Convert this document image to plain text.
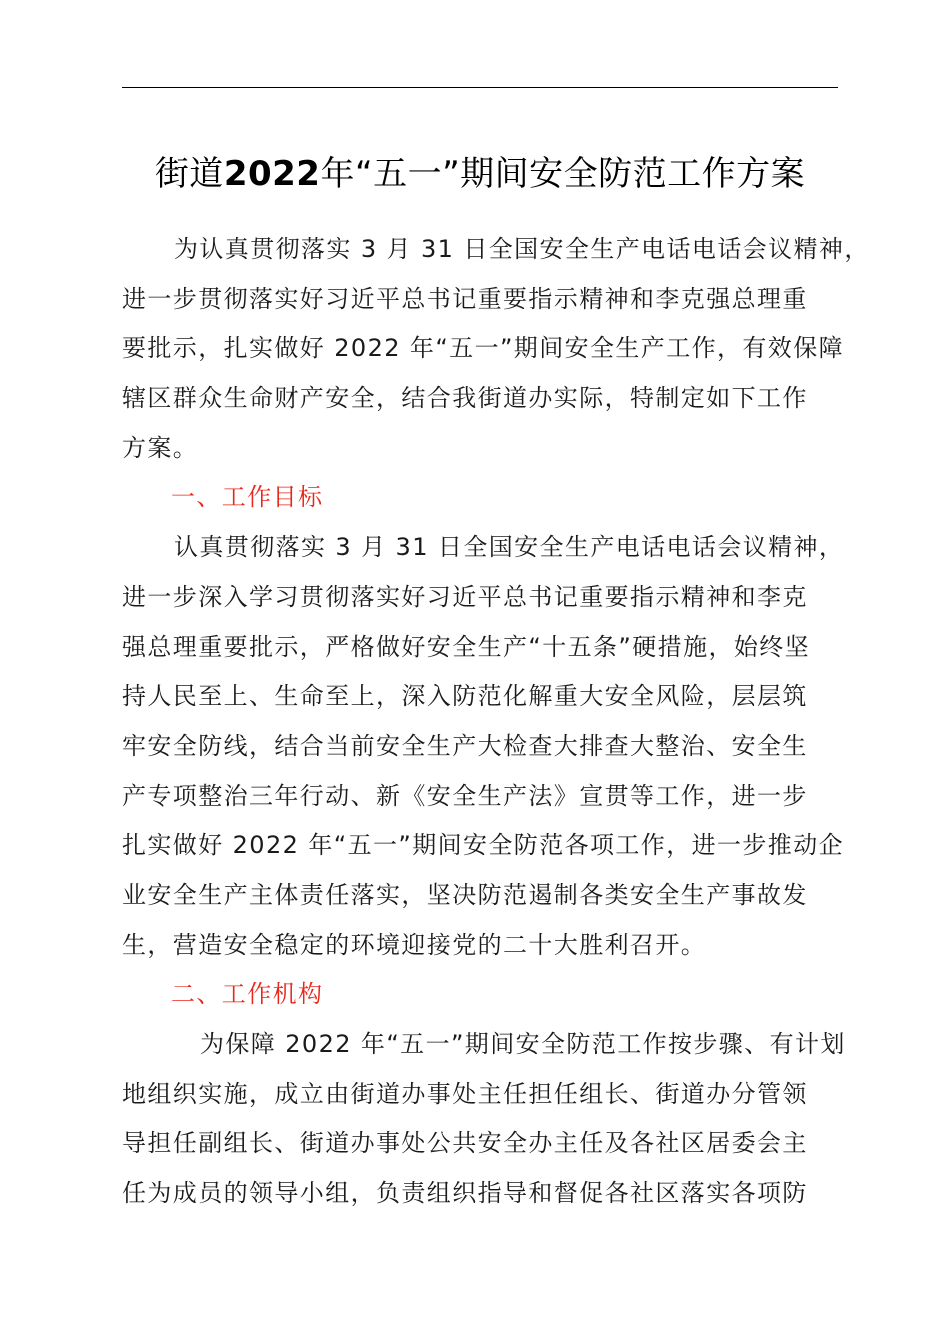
街道2022年“五一”期间安全防范工作方案
为认真贯彻落实 3 月 31 日全国安全生产电话电话会议精神，
进一步贯彻落实好习近平总书记重要指示精神和李克强总理重
要批示，扎实做好 2022 年“五一”期间安全生产工作，有效保障
辖区群众生命财产安全，结合我街道办实际，特制定如下工作
方案。
一、工作目标
认真贯彻落实 3 月 31 日全国安全生产电话电话会议精神，
进一步深入学习贯彻落实好习近平总书记重要指示精神和李克
强总理重要批示，严格做好安全生产“十五条”硬措施，始终坚
持人民至上、生命至上，深入防范化解重大安全风险，层层筑
牢安全防线，结合当前安全生产大检查大排查大整治、安全生
产专项整治三年行动、新《安全生产法》宣贯等工作，进一步
扎实做好 2022 年“五一”期间安全防范各项工作，进一步推动企
业安全生产主体责任落实，坚决防范遏制各类安全生产事故发
生，营造安全稳定的环境迎接党的二十大胜利召开。
二、工作机构
为保障 2022 年“五一”期间安全防范工作按步骤、有计划
地组织实施，成立由街道办事处主任担任组长、街道办分管领
导担任副组长、街道办事处公共安全办主任及各社区居委会主
任为成员的领导小组，负责组织指导和督促各社区落实各项防
